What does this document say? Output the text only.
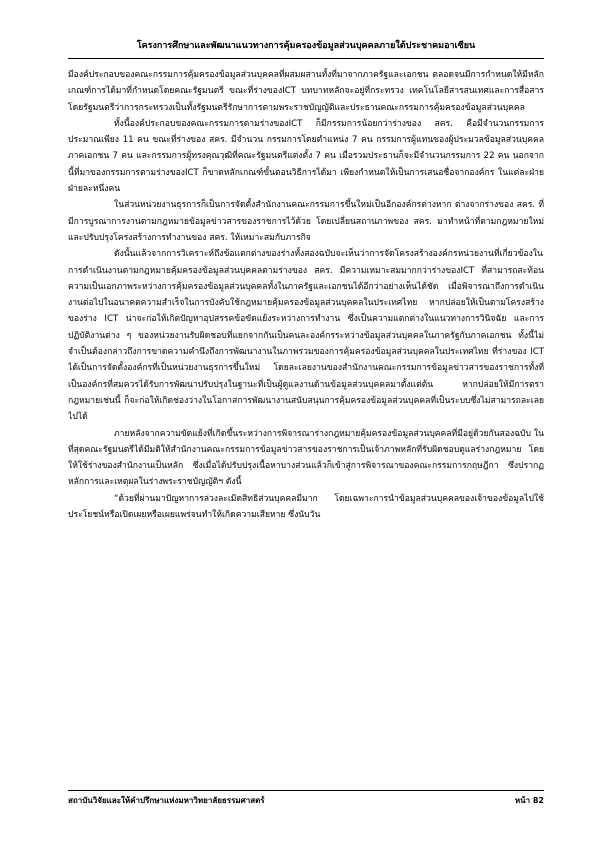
โครงการศึกษาและพัฒนาแนวทางการคุ้มครองข้อมูลส่วนบุคคลภายใต้ประชาคมอาเซียน

มีองค์ประกอบของคณะกรรมการคุ้มครองข้อมูลส่วนบุคคลที่ผสมผสานทั้งที่มาจากภาครัฐและเอกชน ตลอดจนมีการกำหนดให้มีหลักเกณฑ์การได้มาที่กำหนดโดยคณะรัฐมนตรี ขณะที่ร่างของICT บทบาทหลักจะอยู่ที่กระทรวง เทคโนโลยีสารสนเทศและการสื่อสาร โดยรัฐมนตรีว่าการกระทรวงเป็นทั้งรัฐมนตรีรักษาการตามพระราชบัญญัติและประธานคณะกรรมการคุ้มครองข้อมูลส่วนบุคคล

ทั้งนี้องค์ประกอบของคณะกรรมการตามร่างของICT ก็มีกรรมการน้อยกว่าร่างของ สคร. คือมีจำนวนกรรมการประมาณเพียง 11 คน ขณะที่ร่างของ สคร. มีจำนวน กรรมการโดยตำแหน่ง 7 คน กรรมการผู้แทนของผู้ประมวลข้อมูลส่วนบุคคลภาคเอกชน 7 คน และกรรมการผู้ทรงคุณวุฒิที่คณะรัฐมนตรีแต่งตั้ง 7 คน เมื่อรวมประธานก็จะมีจำนวนกรรมการ 22 คน นอกจากนี้ที่มาของกรรมการตามร่างของICT ก็ขาดหลักเกณฑ์ขั้นตอนวิธีการได้มา เพียงกำหนดให้เป็นการเสนอชื่อจากองค์กร ในแต่ละฝ่ายฝ่ายละหนึ่งคน

ในส่วนหน่วยงานธุรการก็เป็นการจัดตั้งสำนักงานคณะกรรมการขึ้นใหม่เป็นอีกองค์กรต่างหาก ต่างจากร่างของ สคร. ที่มีการบูรณาการงานตามกฎหมายข้อมูลข่าวสารของราชการไว้ด้วย โดยเปลี่ยนสถานภาพของ สคร. มาทำหน้าที่ตามกฎหมายใหม่ และปรับปรุงโครงสร้างการทำงานของ สคร. ให้เหมาะสมกับภารกิจ

ดังนั้นแล้วจากการวิเคราะห์ถึงข้อแตกต่างของร่างทั้งสองฉบับจะเห็นว่าการจัดโครงสร้างองค์กรหน่วยงานที่เกี่ยวข้องในการดำเนินงานตามกฎหมายคุ้มครองข้อมูลส่วนบุคคลตามร่างของ สคร. มีความเหมาะสมมากกว่าร่างของICT ที่สามารถสะท้อนความเป็นเอกภาพระหว่างการคุ้มครองข้อมูลส่วนบุคคลทั้งในภาครัฐและเอกชนได้อีกว่าอย่างเห็นได้ชัด เมื่อพิจารณาถึงการดำเนินงานต่อไปในอนาคตความสำเร็จในการบังคับใช้กฎหมายคุ้มครองข้อมูลส่วนบุคคลในประเทศไทย หากปล่อยให้เป็นตามโครงสร้างของร่าง ICT น่าจะก่อให้เกิดปัญหาอุปสรรคข้อขัดแย้งระหว่างการทำงาน ซึ่งเป็นความแตกต่างในแนวทางการวินิจฉัย และการปฏิบัติงานต่าง ๆ ของหน่วยงานรับผิดชอบที่แยกจากกันเป็นคนละองค์กรระหว่างข้อมูลส่วนบุคคลในภาครัฐกับภาคเอกชน ทั้งนี้ไม่จำเป็นต้องกล่าวถึงการขาดความคำนึงถึงการพัฒนางานในภาพรวมของการคุ้มครองข้อมูลส่วนบุคคลในประเทศไทย ที่ร่างของ ICT ได้เป็นการจัดตั้งองค์กรที่เป็นหน่วยงานธุรการขึ้นใหม่ โดยละเลยงานของสำนักงานคณะกรรมการข้อมูลข่าวสารของราชการทั้งที่เป็นองค์กรที่สมควรได้รับการพัฒนาปรับปรุงในฐานะที่เป็นผู้ดูแลงานด้านข้อมูลส่วนบุคคลมาตั้งแต่ต้น หากปล่อยให้มีการตรากฎหมายเช่นนี้ ก็จะก่อให้เกิดช่องว่างในโอกาสการพัฒนางานสนับสนุนการคุ้มครองข้อมูลส่วนบุคคลที่เป็นระบบซึ่งไม่สามารถละเลยไปได้

ภายหลังจากความขัดแย้งที่เกิดขึ้นระหว่างการพิจารณาร่างกฎหมายคุ้มครองข้อมูลส่วนบุคคลที่มีอยู่ด้วยกันสองฉบับ ในที่สุดคณะรัฐมนตรีได้มีมติให้สำนักงานคณะกรรมการข้อมูลข่าวสารของราชการเป็นเจ้าภาพหลักที่รับผิดชอบดูแลร่างกฎหมาย โดยให้ใช้ร่างของสำนักงานเป็นหลัก ซึ่งเมื่อได้ปรับปรุงเนื้อหาบางส่วนแล้วก็เข้าสู่การพิจารณาของคณะกรรมการกฤษฎีกา ซึ่งปรากฏหลักการและเหตุผลในร่างพระราชบัญญัติฯ ดังนี้

“ด้วยที่ผ่านมาปัญหาการล่วงละเมิดสิทธิส่วนบุคคลมีมาก โดยเฉพาะการนำข้อมูลส่วนบุคคลของเจ้าของข้อมูลไปใช้ประโยชน์หรือเปิดเผยหรือเผยแพร่จนทำให้เกิดความเสียหาย ซึ่งนับวัน

สถาบันวิจัยและให้คำปรึกษาแห่งมหาวิทยาลัยธรรมศาสตร์	หน้า 82
